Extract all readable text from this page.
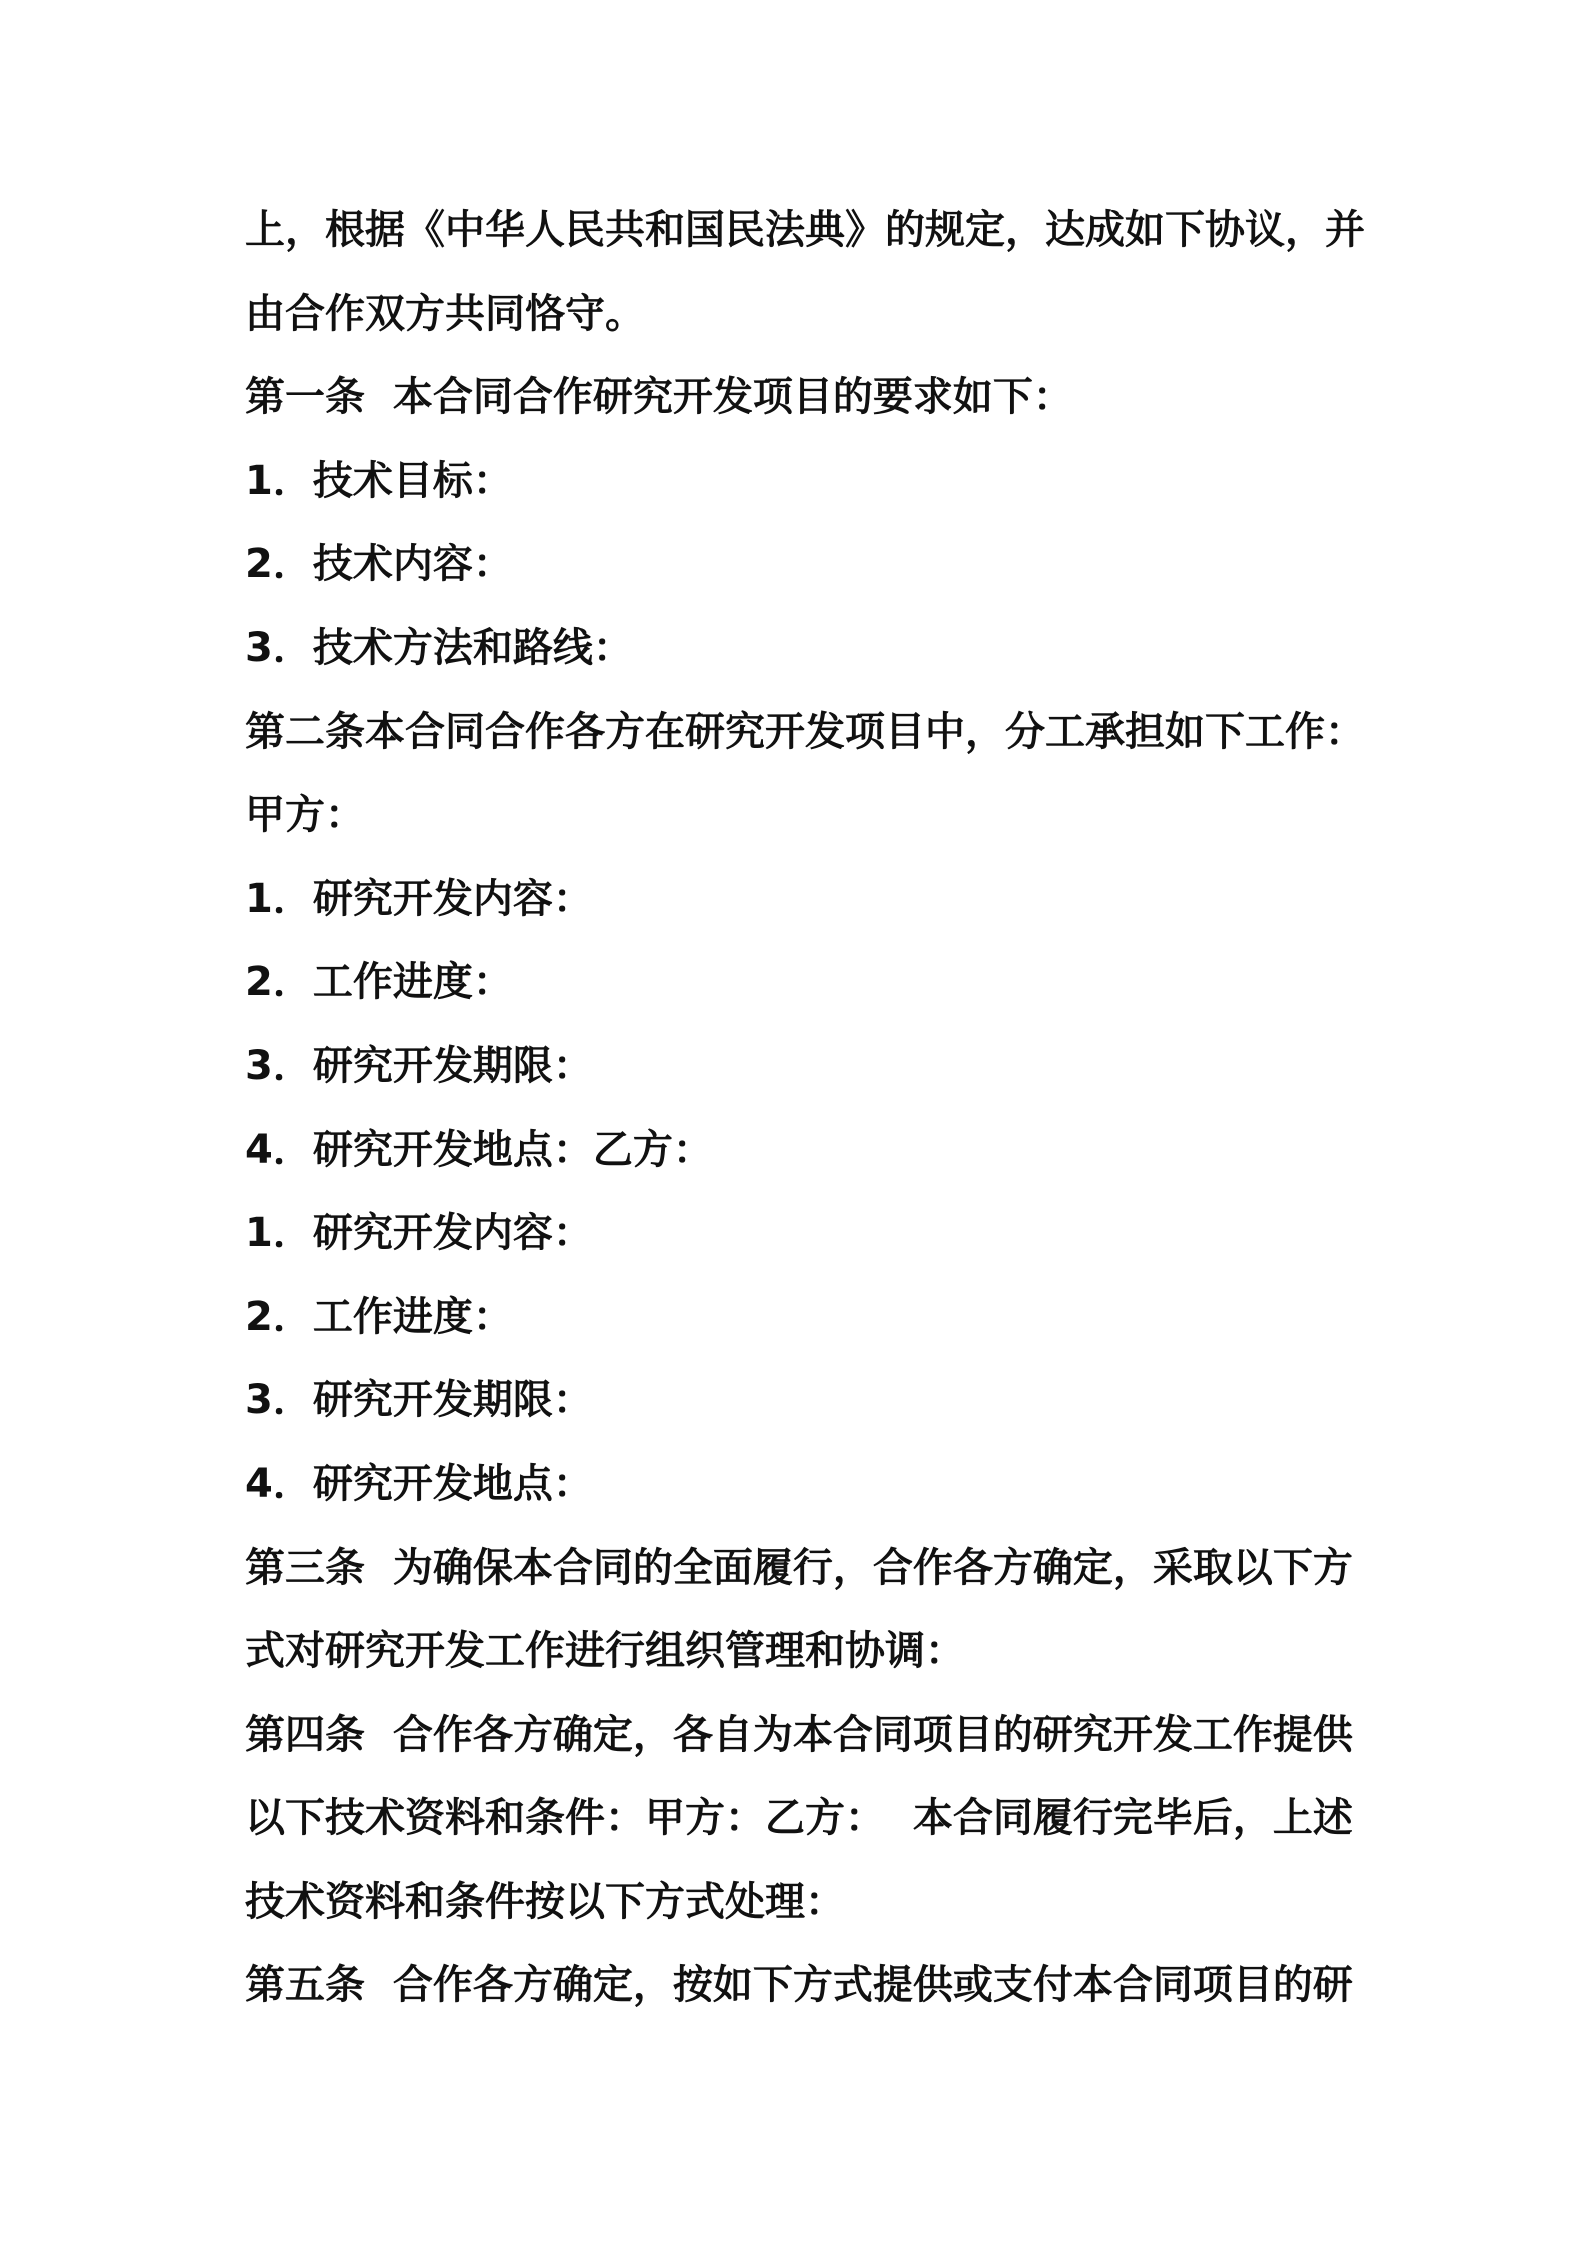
上，根据《中华人民共和国民法典》的规定，达成如下协议，并
由合作双方共同恪守。
第一条  本合同合作研究开发项目的要求如下：
1．技术目标：
2．技术内容：
3．技术方法和路线：
第二条本合同合作各方在研究开发项目中，分工承担如下工作：
甲方：
1．研究开发内容：
2．工作进度：
3．研究开发期限：
4．研究开发地点：乙方：
1．研究开发内容：
2．工作进度：
3．研究开发期限：
4．研究开发地点：
第三条  为确保本合同的全面履行，合作各方确定，采取以下方
式对研究开发工作进行组织管理和协调：
第四条  合作各方确定，各自为本合同项目的研究开发工作提供
以下技术资料和条件：甲方：乙方：  本合同履行完毕后，上述
技术资料和条件按以下方式处理：
第五条  合作各方确定，按如下方式提供或支付本合同项目的研
